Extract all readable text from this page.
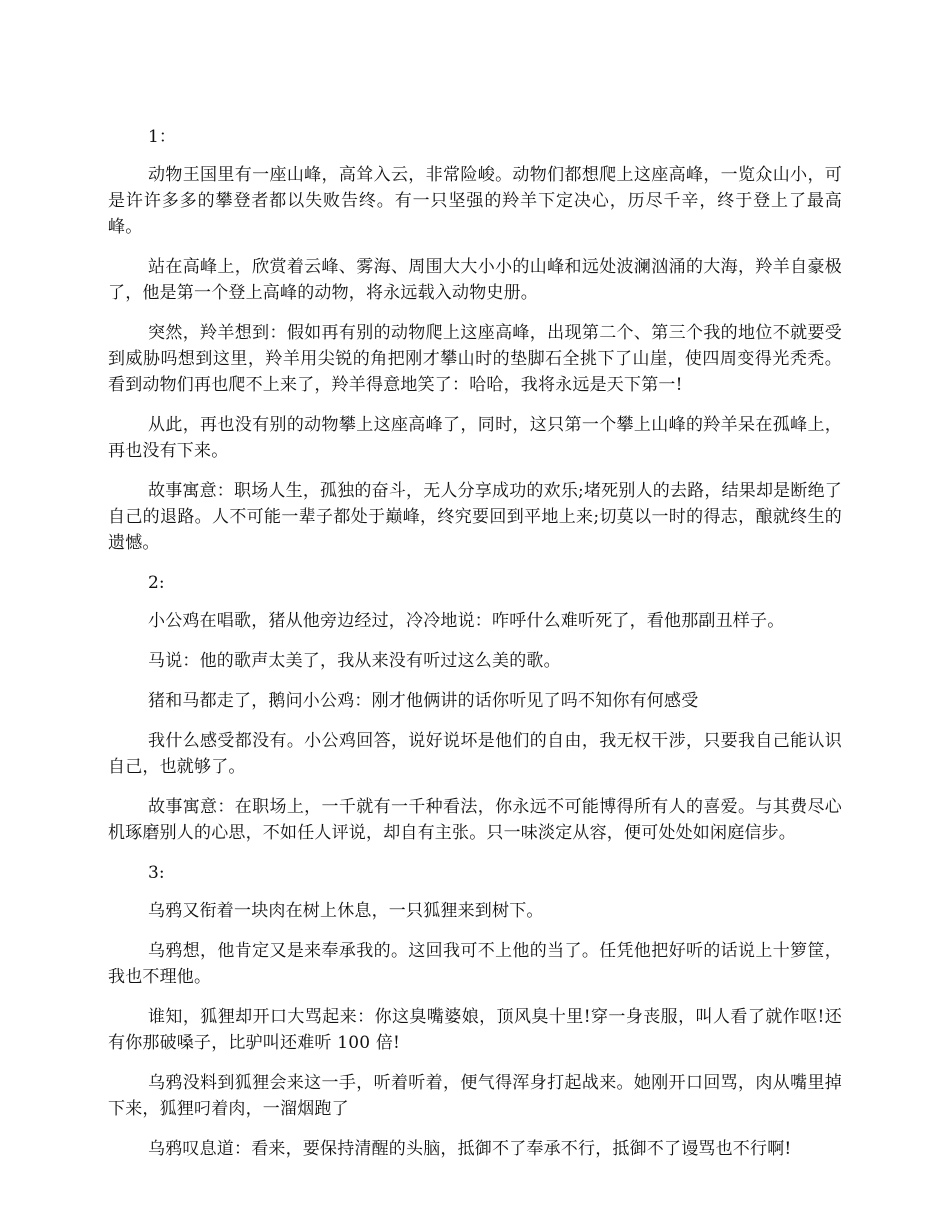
1：

动物王国里有一座山峰，高耸入云，非常险峻。动物们都想爬上这座高峰，一览众山小，可是许许多多的攀登者都以失败告终。有一只坚强的羚羊下定决心，历尽千辛，终于登上了最高峰。

站在高峰上，欣赏着云峰、雾海、周围大大小小的山峰和远处波澜汹涌的大海，羚羊自豪极了，他是第一个登上高峰的动物，将永远载入动物史册。

突然，羚羊想到：假如再有别的动物爬上这座高峰，出现第二个、第三个我的地位不就要受到威胁吗想到这里，羚羊用尖锐的角把刚才攀山时的垫脚石全挑下了山崖，使四周变得光秃秃。看到动物们再也爬不上来了，羚羊得意地笑了：哈哈，我将永远是天下第一!

从此，再也没有别的动物攀上这座高峰了，同时，这只第一个攀上山峰的羚羊呆在孤峰上，再也没有下来。

故事寓意：职场人生，孤独的奋斗，无人分享成功的欢乐;堵死别人的去路，结果却是断绝了自己的退路。人不可能一辈子都处于巅峰，终究要回到平地上来;切莫以一时的得志，酿就终生的遗憾。

2:

小公鸡在唱歌，猪从他旁边经过，冷冷地说：咋呼什么难听死了，看他那副丑样子。

马说：他的歌声太美了，我从来没有听过这么美的歌。

猪和马都走了，鹅问小公鸡：刚才他俩讲的话你听见了吗不知你有何感受

我什么感受都没有。小公鸡回答，说好说坏是他们的自由，我无权干涉，只要我自己能认识自己，也就够了。

故事寓意：在职场上，一千就有一千种看法，你永远不可能博得所有人的喜爱。与其费尽心机琢磨别人的心思，不如任人评说，却自有主张。只一味淡定从容，便可处处如闲庭信步。

3:

乌鸦又衔着一块肉在树上休息，一只狐狸来到树下。

乌鸦想，他肯定又是来奉承我的。这回我可不上他的当了。任凭他把好听的话说上十箩筐，我也不理他。

谁知，狐狸却开口大骂起来：你这臭嘴婆娘，顶风臭十里!穿一身丧服，叫人看了就作呕!还有你那破嗓子，比驴叫还难听 100 倍!

乌鸦没料到狐狸会来这一手，听着听着，便气得浑身打起战来。她刚开口回骂，肉从嘴里掉下来，狐狸叼着肉，一溜烟跑了

乌鸦叹息道：看来，要保持清醒的头脑，抵御不了奉承不行，抵御不了谩骂也不行啊!
